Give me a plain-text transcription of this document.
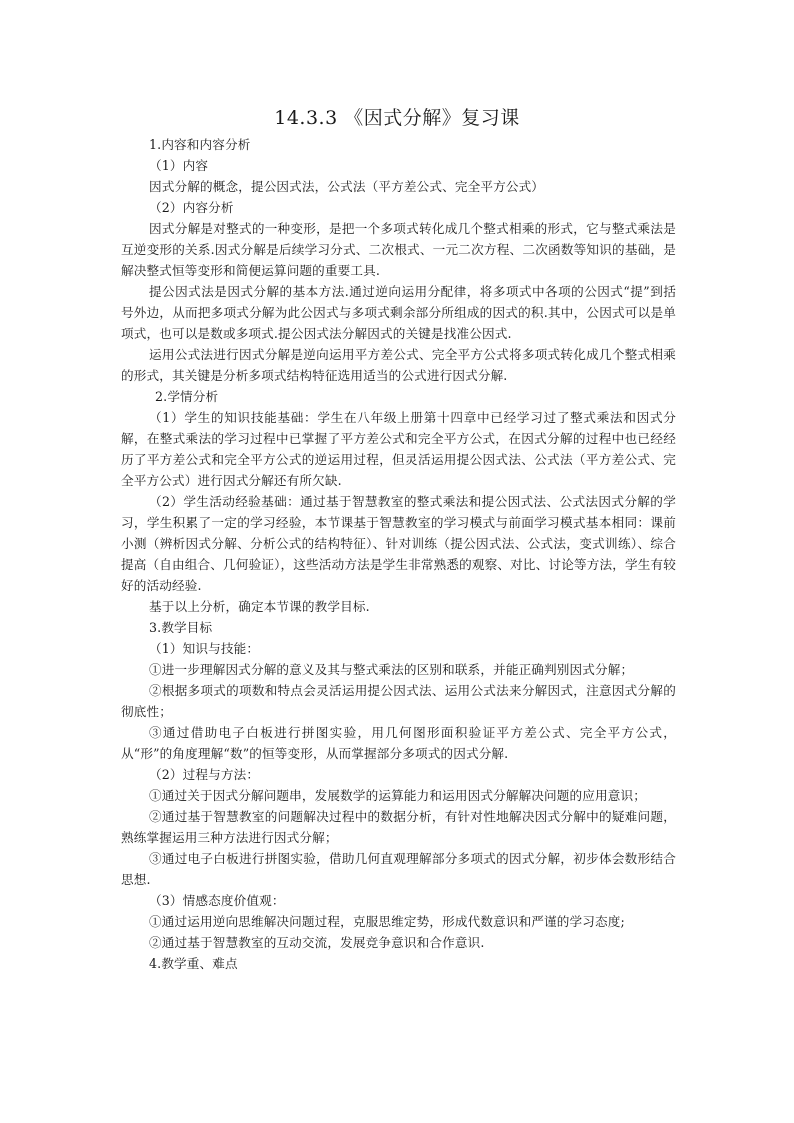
14.3.3 《因式分解》复习课

1.内容和内容分析

（1）内容

因式分解的概念，提公因式法，公式法（平方差公式、完全平方公式）

（2）内容分析

因式分解是对整式的一种变形，是把一个多项式转化成几个整式相乘的形式，它与整式乘法是互逆变形的关系.因式分解是后续学习分式、二次根式、一元二次方程、二次函数等知识的基础，是解决整式恒等变形和简便运算问题的重要工具.

提公因式法是因式分解的基本方法.通过逆向运用分配律，将多项式中各项的公因式“提”到括号外边，从而把多项式分解为此公因式与多项式剩余部分所组成的因式的积.其中，公因式可以是单项式，也可以是数或多项式.提公因式法分解因式的关键是找准公因式.

运用公式法进行因式分解是逆向运用平方差公式、完全平方公式将多项式转化成几个整式相乘的形式，其关键是分析多项式结构特征选用适当的公式进行因式分解.

2.学情分析

（1）学生的知识技能基础：学生在八年级上册第十四章中已经学习过了整式乘法和因式分解，在整式乘法的学习过程中已掌握了平方差公式和完全平方公式，在因式分解的过程中也已经经历了平方差公式和完全平方公式的逆运用过程，但灵活运用提公因式法、公式法（平方差公式、完全平方公式）进行因式分解还有所欠缺.

（2）学生活动经验基础：通过基于智慧教室的整式乘法和提公因式法、公式法因式分解的学习，学生积累了一定的学习经验，本节课基于智慧教室的学习模式与前面学习模式基本相同：课前小测（辨析因式分解、分析公式的结构特征）、针对训练（提公因式法、公式法，变式训练）、综合提高（自由组合、几何验证），这些活动方法是学生非常熟悉的观察、对比、讨论等方法，学生有较好的活动经验.

基于以上分析，确定本节课的教学目标.

3.教学目标

（1）知识与技能：

①进一步理解因式分解的意义及其与整式乘法的区别和联系，并能正确判别因式分解；

②根据多项式的项数和特点会灵活运用提公因式法、运用公式法来分解因式，注意因式分解的彻底性；

③通过借助电子白板进行拼图实验，用几何图形面积验证平方差公式、完全平方公式，从“形”的角度理解“数”的恒等变形，从而掌握部分多项式的因式分解.

（2）过程与方法：

①通过关于因式分解问题串，发展数学的运算能力和运用因式分解解决问题的应用意识；

②通过基于智慧教室的问题解决过程中的数据分析，有针对性地解决因式分解中的疑难问题，熟练掌握运用三种方法进行因式分解；

③通过电子白板进行拼图实验，借助几何直观理解部分多项式的因式分解，初步体会数形结合思想.

（3）情感态度价值观：

①通过运用逆向思维解决问题过程，克服思维定势，形成代数意识和严谨的学习态度;

②通过基于智慧教室的互动交流，发展竞争意识和合作意识.

4.教学重、难点
